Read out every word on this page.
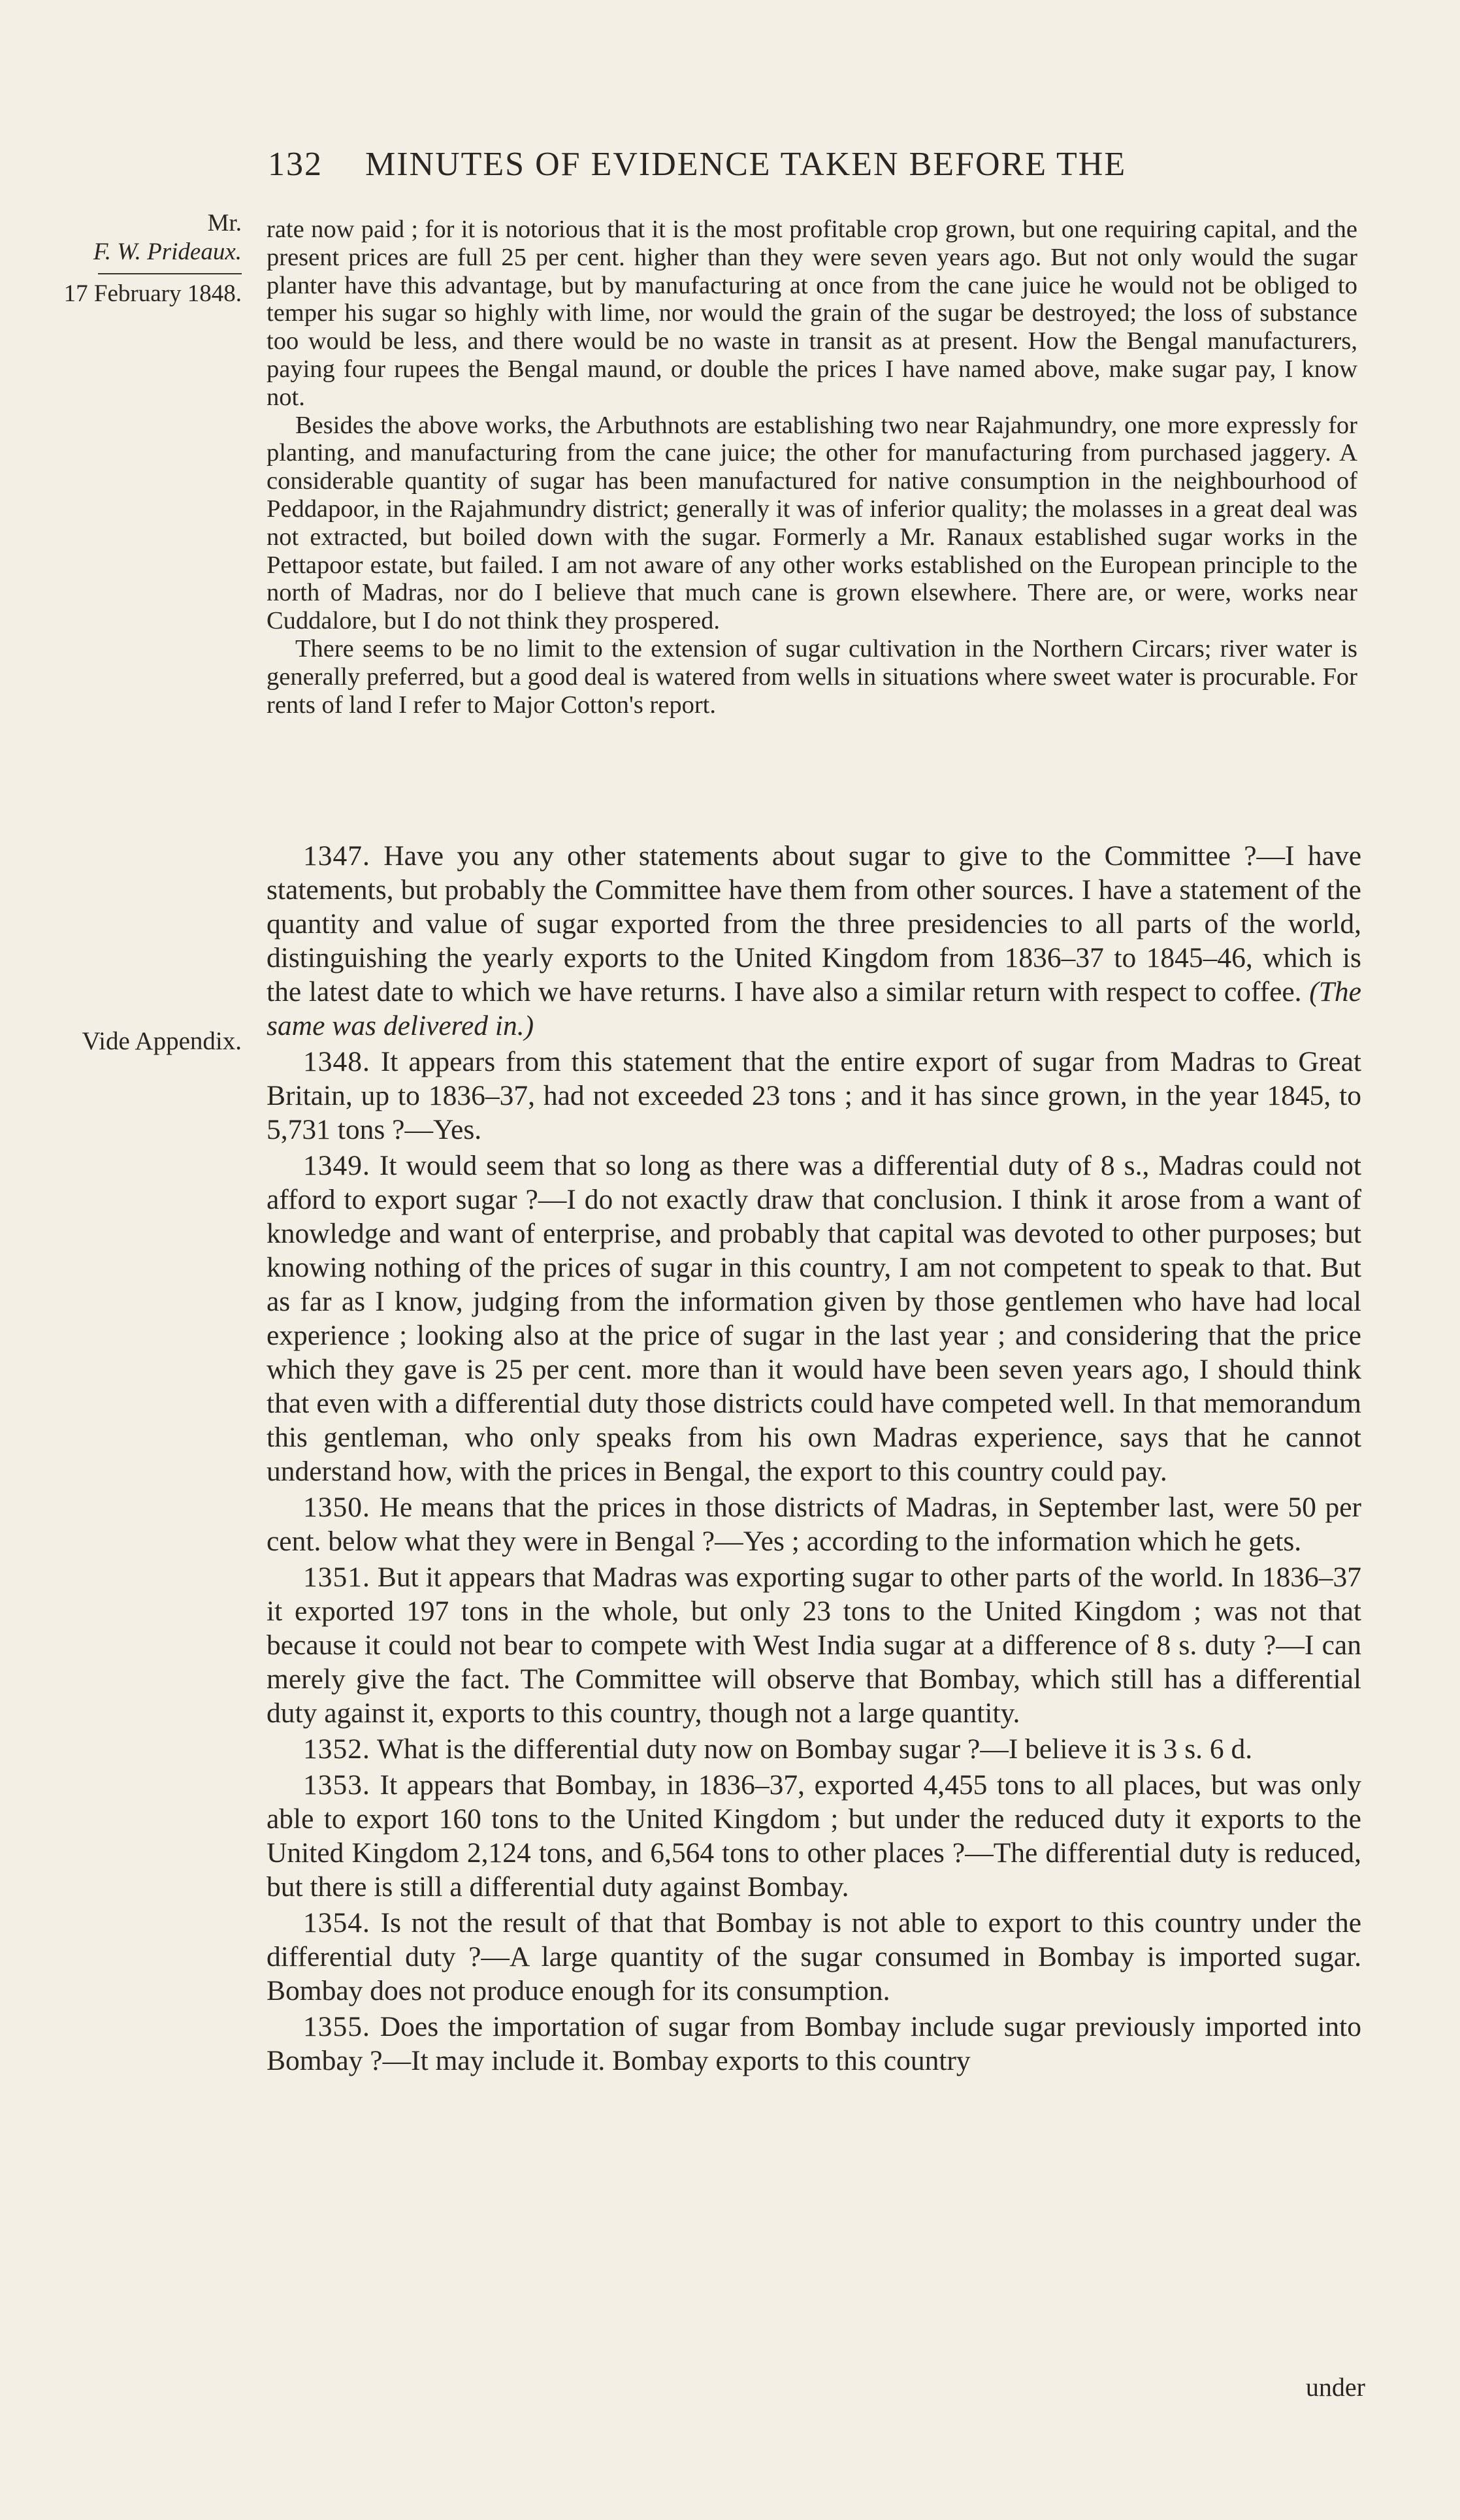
132 MINUTES OF EVIDENCE TAKEN BEFORE THE
Mr.
F. W. Prideaux.
17 February 1848.
Vide Appendix.

rate now paid ; for it is notorious that it is the most profitable crop grown, but one requiring capital, and the present prices are full 25 per cent. higher than they were seven years ago. But not only would the sugar planter have this advantage, but by manufacturing at once from the cane juice he would not be obliged to temper his sugar so highly with lime, nor would the grain of the sugar be destroyed; the loss of substance too would be less, and there would be no waste in transit as at present. How the Bengal manufacturers, paying four rupees the Bengal maund, or double the prices I have named above, make sugar pay, I know not.

Besides the above works, the Arbuthnots are establishing two near Rajahmundry, one more expressly for planting, and manufacturing from the cane juice; the other for manufacturing from purchased jaggery. A considerable quantity of sugar has been manufactured for native consumption in the neighbourhood of Peddapoor, in the Rajahmundry district; generally it was of inferior quality; the molasses in a great deal was not extracted, but boiled down with the sugar. Formerly a Mr. Ranaux established sugar works in the Pettapoor estate, but failed. I am not aware of any other works established on the European principle to the north of Madras, nor do I believe that much cane is grown elsewhere. There are, or were, works near Cuddalore, but I do not think they prospered.

There seems to be no limit to the extension of sugar cultivation in the Northern Circars; river water is generally preferred, but a good deal is watered from wells in situations where sweet water is procurable. For rents of land I refer to Major Cotton's report.

1347. Have you any other statements about sugar to give to the Committee ?—I have statements, but probably the Committee have them from other sources. I have a statement of the quantity and value of sugar exported from the three presidencies to all parts of the world, distinguishing the yearly exports to the United Kingdom from 1836–37 to 1845–46, which is the latest date to which we have returns. I have also a similar return with respect to coffee. (The same was delivered in.)

1348. It appears from this statement that the entire export of sugar from Madras to Great Britain, up to 1836–37, had not exceeded 23 tons ; and it has since grown, in the year 1845, to 5,731 tons ?—Yes.

1349. It would seem that so long as there was a differential duty of 8 s., Madras could not afford to export sugar ?—I do not exactly draw that conclusion. I think it arose from a want of knowledge and want of enterprise, and probably that capital was devoted to other purposes; but knowing nothing of the prices of sugar in this country, I am not competent to speak to that. But as far as I know, judging from the information given by those gentlemen who have had local experience ; looking also at the price of sugar in the last year ; and considering that the price which they gave is 25 per cent. more than it would have been seven years ago, I should think that even with a differential duty those districts could have competed well. In that memorandum this gentleman, who only speaks from his own Madras experience, says that he cannot understand how, with the prices in Bengal, the export to this country could pay.

1350. He means that the prices in those districts of Madras, in September last, were 50 per cent. below what they were in Bengal ?—Yes ; according to the information which he gets.

1351. But it appears that Madras was exporting sugar to other parts of the world. In 1836–37 it exported 197 tons in the whole, but only 23 tons to the United Kingdom ; was not that because it could not bear to compete with West India sugar at a difference of 8 s. duty ?—I can merely give the fact. The Committee will observe that Bombay, which still has a differential duty against it, exports to this country, though not a large quantity.

1352. What is the differential duty now on Bombay sugar ?—I believe it is 3 s. 6 d.

1353. It appears that Bombay, in 1836–37, exported 4,455 tons to all places, but was only able to export 160 tons to the United Kingdom ; but under the reduced duty it exports to the United Kingdom 2,124 tons, and 6,564 tons to other places ?—The differential duty is reduced, but there is still a differential duty against Bombay.

1354. Is not the result of that that Bombay is not able to export to this country under the differential duty ?—A large quantity of the sugar consumed in Bombay is imported sugar. Bombay does not produce enough for its consumption.

1355. Does the importation of sugar from Bombay include sugar previously imported into Bombay ?—It may include it. Bombay exports to this country

under
